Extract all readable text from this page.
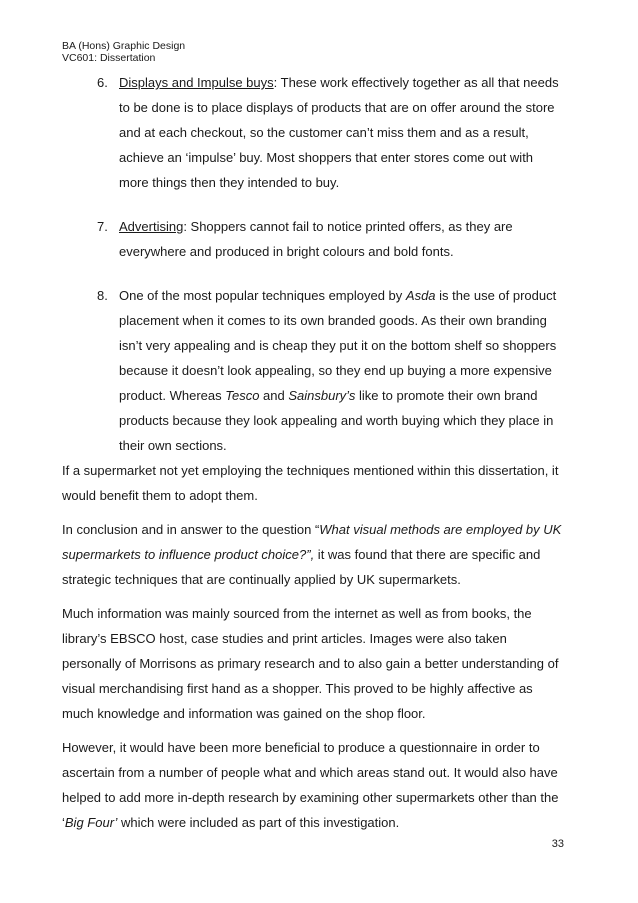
BA (Hons) Graphic Design
VC601: Dissertation
6. Displays and Impulse buys: These work effectively together as all that needs to be done is to place displays of products that are on offer around the store and at each checkout, so the customer can’t miss them and as a result, achieve an ‘impulse’ buy. Most shoppers that enter stores come out with more things then they intended to buy.
7. Advertising: Shoppers cannot fail to notice printed offers, as they are everywhere and produced in bright colours and bold fonts.
8. One of the most popular techniques employed by Asda is the use of product placement when it comes to its own branded goods. As their own branding isn’t very appealing and is cheap they put it on the bottom shelf so shoppers because it doesn’t look appealing, so they end up buying a more expensive product. Whereas Tesco and Sainsbury’s like to promote their own brand products because they look appealing and worth buying which they place in their own sections.

If a supermarket not yet employing the techniques mentioned within this dissertation, it would benefit them to adopt them.

In conclusion and in answer to the question “What visual methods are employed by UK supermarkets to influence product choice?”, it was found that there are specific and strategic techniques that are continually applied by UK supermarkets.

Much information was mainly sourced from the internet as well as from books, the library’s EBSCO host, case studies and print articles. Images were also taken personally of Morrisons as primary research and to also gain a better understanding of visual merchandising first hand as a shopper. This proved to be highly affective as much knowledge and information was gained on the shop floor.

However, it would have been more beneficial to produce a questionnaire in order to ascertain from a number of people what and which areas stand out. It would also have helped to add more in-depth research by examining other supermarkets other than the ‘Big Four’ which were included as part of this investigation.

33
